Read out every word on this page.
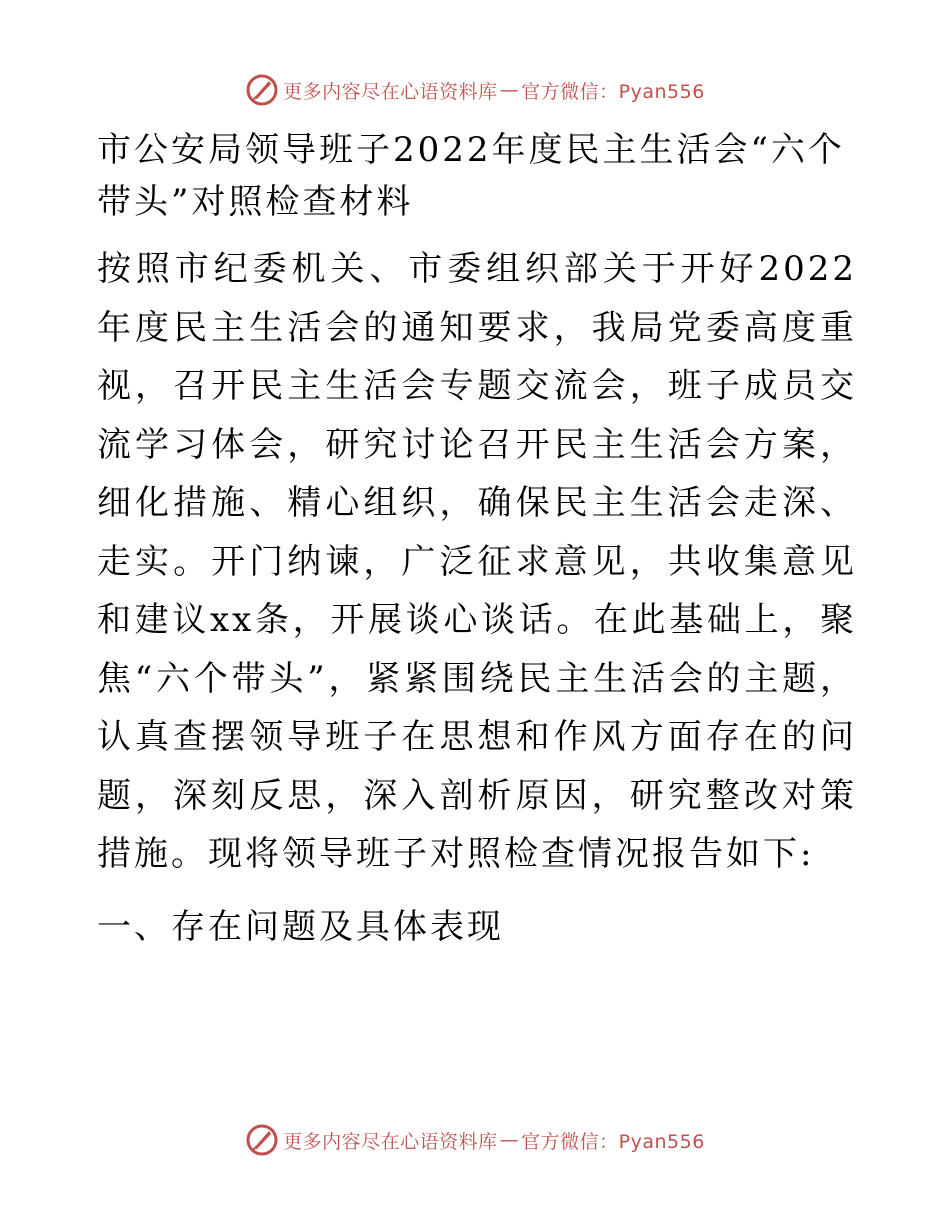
更多内容尽在心语资料库 — 官方微信：Pyan556
市公安局领导班子2022年度民主生活会“六个带头”对照检查材料

按照市纪委机关、市委组织部关于开好2022年度民主生活会的通知要求，我局党委高度重视，召开民主生活会专题交流会，班子成员交流学习体会，研究讨论召开民主生活会方案，细化措施、精心组织，确保民主生活会走深、走实。开门纳谏，广泛征求意见，共收集意见和建议xx条，开展谈心谈话。在此基础上，聚焦“六个带头”，紧紧围绕民主生活会的主题，认真查摆领导班子在思想和作风方面存在的问题，深刻反思，深入剖析原因，研究整改对策措施。现将领导班子对照检查情况报告如下:

一、存在问题及具体表现
更多内容尽在心语资料库 — 官方微信：Pyan556
